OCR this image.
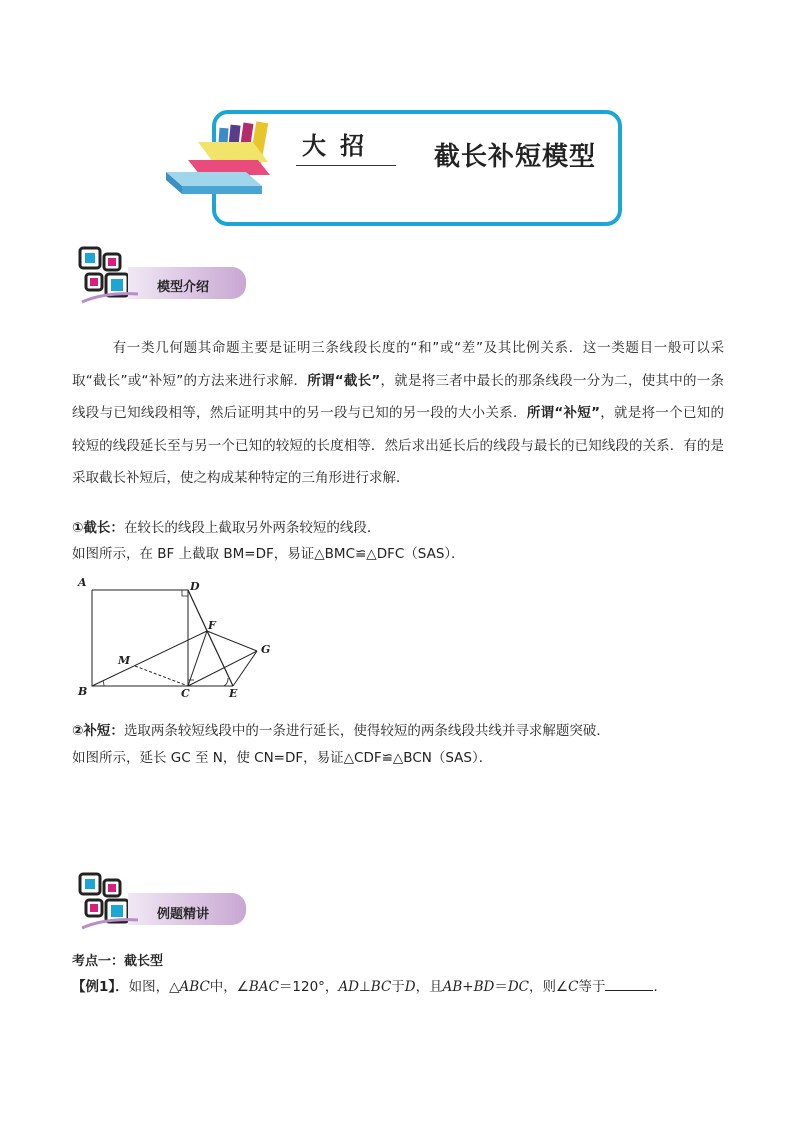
大招 截长补短模型
模型介绍
有一类几何题其命题主要是证明三条线段长度的“和”或“差”及其比例关系．这一类题目一般可以采取“截长”或“补短”的方法来进行求解．所谓“截长”，就是将三者中最长的那条线段一分为二，使其中的一条线段与已知线段相等，然后证明其中的另一段与已知的另一段的大小关系．所谓“补短”，就是将一个已知的较短的线段延长至与另一个已知的较短的长度相等．然后求出延长后的线段与最长的已知线段的关系．有的是采取截长补短后，使之构成某种特定的三角形进行求解．
①截长：在较长的线段上截取另外两条较短的线段．
如图所示，在 BF 上截取 BM=DF，易证△BMC≌△DFC（SAS）．
A	D
F
G
M
B	C	E
②补短：选取两条较短线段中的一条进行延长，使得较短的两条线段共线并寻求解题突破．
如图所示，延长 GC 至 N，使 CN=DF，易证△CDF≌△BCN（SAS）．
例题精讲
考点一：截长型
【例1】．如图，△ABC中，∠BAC＝120°，AD⊥BC于D，且AB+BD＝DC，则∠C等于	．
